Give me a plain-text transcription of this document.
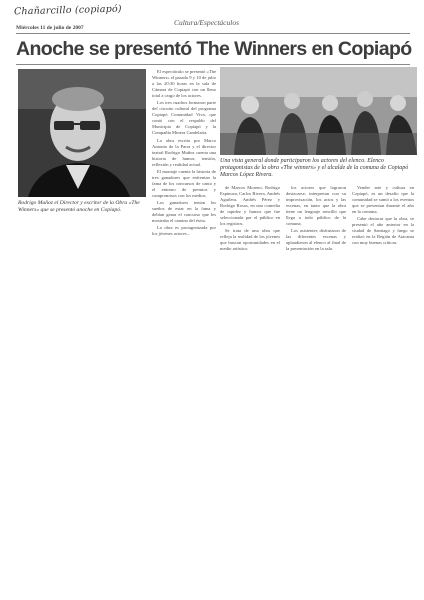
Chañarcillo (copiapó)
Miércoles 11 de julio de 2007
Cultura/Espectáculos
Anoche se presentó The Winners en Copiapó
Rodrigo Muñoz el Director y escritor de la Obra «The Winners» que se presentó anoche en Copiapó.
Una vista general donde participaron los actores del elenco. Elenco protagonistas de la obra «The winners» y el alcalde de la comuna de Copiapó Marcos López Rivera.

El espectáculo se presentó «The Winners» el pasado 9 y 10 de julio a las 20:30 horas en la sala de Cámara de Copiapó con un lleno total a cargo de los actores.

Los tres cuadros formaron parte del circuito cultural del programa Copiapó Comunidad Viva, que contó con el respaldo del Municipio de Copiapó y la Compañía Minera Candelaria.

La obra escrita por Marco Antonio de la Parra y el director teatral Rodrigo Muñoz cuenta una historia de humor, tensión, reflexión y realidad actual.

El montaje cuenta la historia de tres ganadores que enfrentan la fama de los concursos de canto y el entorno de premios y compromisos con los medios.

Los ganadores tenían los sueños de estar en la fama y debían ganar el concurso que les mostraba el camino del éxito.

La obra es protagonizada por los jóvenes actores...

de Marcos Moreno, Rodrigo Espinoza, Carlos Rivera, Andrés Aguilera, Andrés Pérez y Rodrigo Rosas, en una comedia de rapidez y humor que fue seleccionada por el público en los registros.

Se trata de una obra que refleja la realidad de los jóvenes que buscan oportunidades en el medio artístico.

los actores que lograron destacarse, interpretan con su improvisación, los actos y las escenas, en tanto que la obra tiene un lenguaje sencillo que llega a todo público de la comuna.

Los asistentes disfrutaron de las diferentes escenas y aplaudieron al elenco al final de la presentación en la sala.

Vender arte y cultura en Copiapó, es un desafío que la comunidad se sumó a los eventos que se presentan durante el año en la comuna.

Cabe destacar que la obra, se presentó el año anterior en la ciudad de Santiago y luego se realizó en la Región de Atacama con muy buenas críticas.
